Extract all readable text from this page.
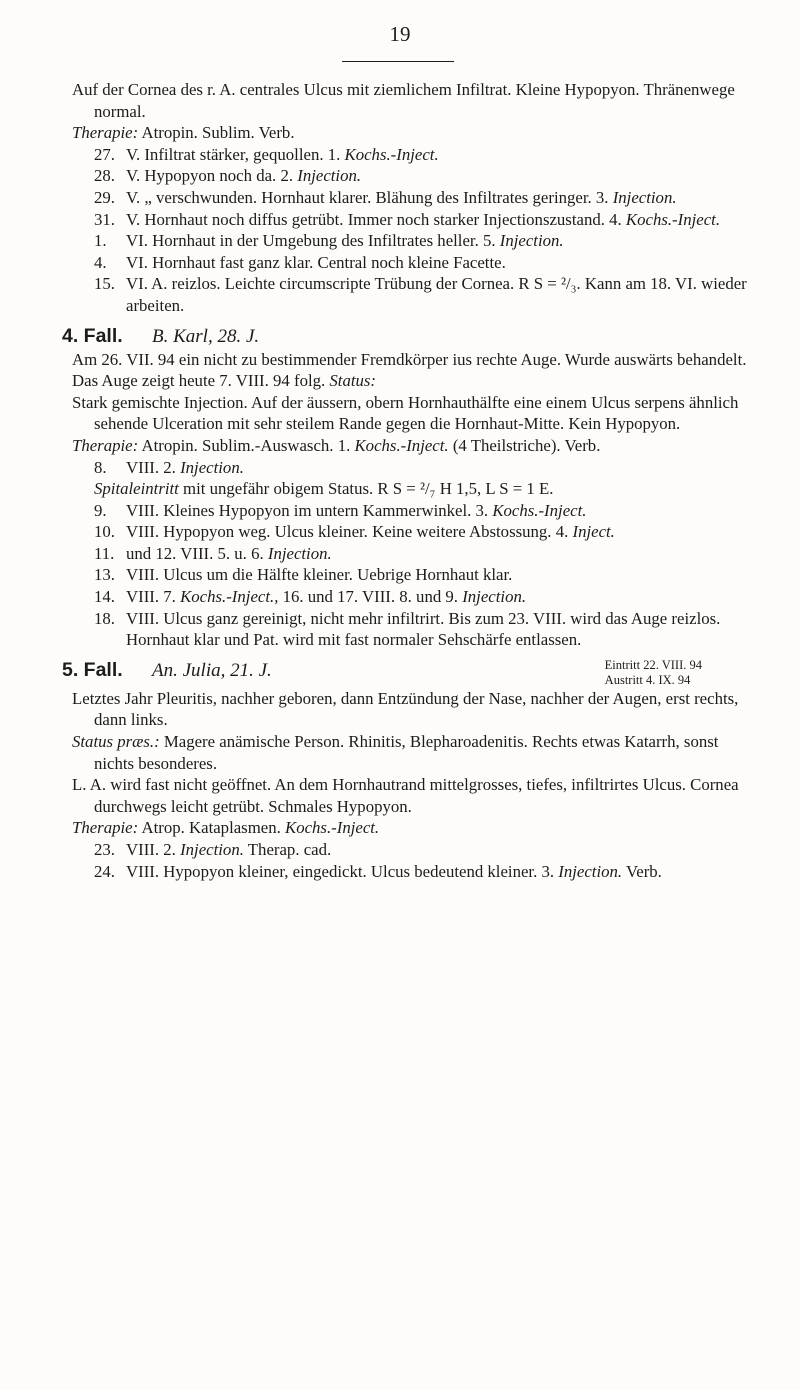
19

Auf der Cornea des r. A. centrales Ulcus mit ziemlichem Infiltrat. Kleine Hypopyon. Thränenwege normal.

Therapie: Atropin. Sublim. Verb.

27. V. Infiltrat stärker, gequollen. 1. Kochs.-Inject.

28. V. Hypopyon noch da. 2. Injection.

29. V. „ verschwunden. Hornhaut klarer. Blähung des Infiltrates geringer. 3. Injection.

31. V. Hornhaut noch diffus getrübt. Immer noch starker Injectionszustand. 4. Kochs.-Inject.

1. VI. Hornhaut in der Umgebung des Infiltrates heller. 5. Injection.

4. VI. Hornhaut fast ganz klar. Central noch kleine Facette.

15. VI. A. reizlos. Leichte circumscripte Trübung der Cornea. R S = ²/₃. Kann am 18. VI. wieder arbeiten.

4. Fall. B. Karl, 28. J.

Am 26. VII. 94 ein nicht zu bestimmender Fremdkörper ius rechte Auge. Wurde auswärts behandelt.

Das Auge zeigt heute 7. VIII. 94 folg. Status:

Stark gemischte Injection. Auf der äussern, obern Hornhauthälfte eine einem Ulcus serpens ähnlich sehende Ulceration mit sehr steilem Rande gegen die Hornhaut-Mitte. Kein Hypopyon.

Therapie: Atropin. Sublim.-Auswasch. 1. Kochs.-Inject. (4 Theilstriche). Verb.

8. VIII. 2. Injection.

Spitaleintritt mit ungefähr obigem Status. R S = ²/₇ H 1,5, L S = 1 E.

9. VIII. Kleines Hypopyon im untern Kammerwinkel. 3. Kochs.-Inject.

10. VIII. Hypopyon weg. Ulcus kleiner. Keine weitere Abstossung. 4. Inject.

11. und 12. VIII. 5. u. 6. Injection.

13. VIII. Ulcus um die Hälfte kleiner. Uebrige Hornhaut klar.

14. VIII. 7. Kochs.-Inject., 16. und 17. VIII. 8. und 9. Injection.

18. VIII. Ulcus ganz gereinigt, nicht mehr infiltrirt. Bis zum 23. VIII. wird das Auge reizlos. Hornhaut klar und Pat. wird mit fast normaler Sehschärfe entlassen.

Eintritt 22. VIII. 94
Austritt 4. IX. 94
5. Fall. An. Julia, 21. J.

Letztes Jahr Pleuritis, nachher geboren, dann Entzündung der Nase, nachher der Augen, erst rechts, dann links.

Status præs.: Magere anämische Person. Rhinitis, Blepharoadenitis. Rechts etwas Katarrh, sonst nichts besonderes.

L. A. wird fast nicht geöffnet. An dem Hornhautrand mittelgrosses, tiefes, infiltrirtes Ulcus. Cornea durchwegs leicht getrübt. Schmales Hypopyon.

Therapie: Atrop. Kataplasmen. Kochs.-Inject.

23. VIII. 2. Injection. Therap. cad.

24. VIII. Hypopyon kleiner, eingedickt. Ulcus bedeutend kleiner. 3. Injection. Verb.
